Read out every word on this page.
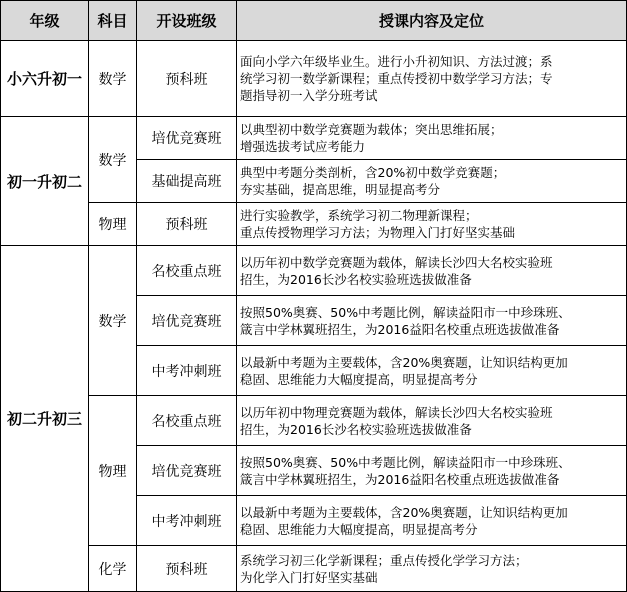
年级	科目	开设班级	授课内容及定位
小六升初一	数学	预科班	面向小学六年级毕业生。进行小升初知识、方法过渡；系
统学习初一数学新课程；重点传授初中数学学习方法；专
题指导初一入学分班考试

初一升初二	数学	培优竞赛班	以典型初中数学竞赛题为载体；突出思维拓展；
增强选拔考试应考能力

		基础提高班	典型中考题分类剖析，含20%初中数学竞赛题；
夯实基础，提高思维，明显提高考分

	物理	预科班	进行实验教学，系统学习初二物理新课程；
重点传授物理学习方法；为物理入门打好坚实基础

初二升初三	数学	名校重点班	以历年初中数学竞赛题为载体，解读长沙四大名校实验班
招生，为2016长沙名校实验班选拔做准备

		培优竞赛班	按照50%奥赛、50%中考题比例，解读益阳市一中珍珠班、
箴言中学林翼班招生，为2016益阳名校重点班选拔做准备

		中考冲刺班	以最新中考题为主要载体，含20%奥赛题，让知识结构更加
稳固、思维能力大幅度提高，明显提高考分

	物理	名校重点班	以历年初中物理竞赛题为载体，解读长沙四大名校实验班
招生，为2016长沙名校实验班选拔做准备

		培优竞赛班	按照50%奥赛、50%中考题比例，解读益阳市一中珍珠班、
箴言中学林翼班招生，为2016益阳名校重点班选拔做准备

		中考冲刺班	以最新中考题为主要载体，含20%奥赛题，让知识结构更加
稳固、思维能力大幅度提高，明显提高考分

	化学	预科班	系统学习初三化学新课程；重点传授化学学习方法；
为化学入门打好坚实基础
